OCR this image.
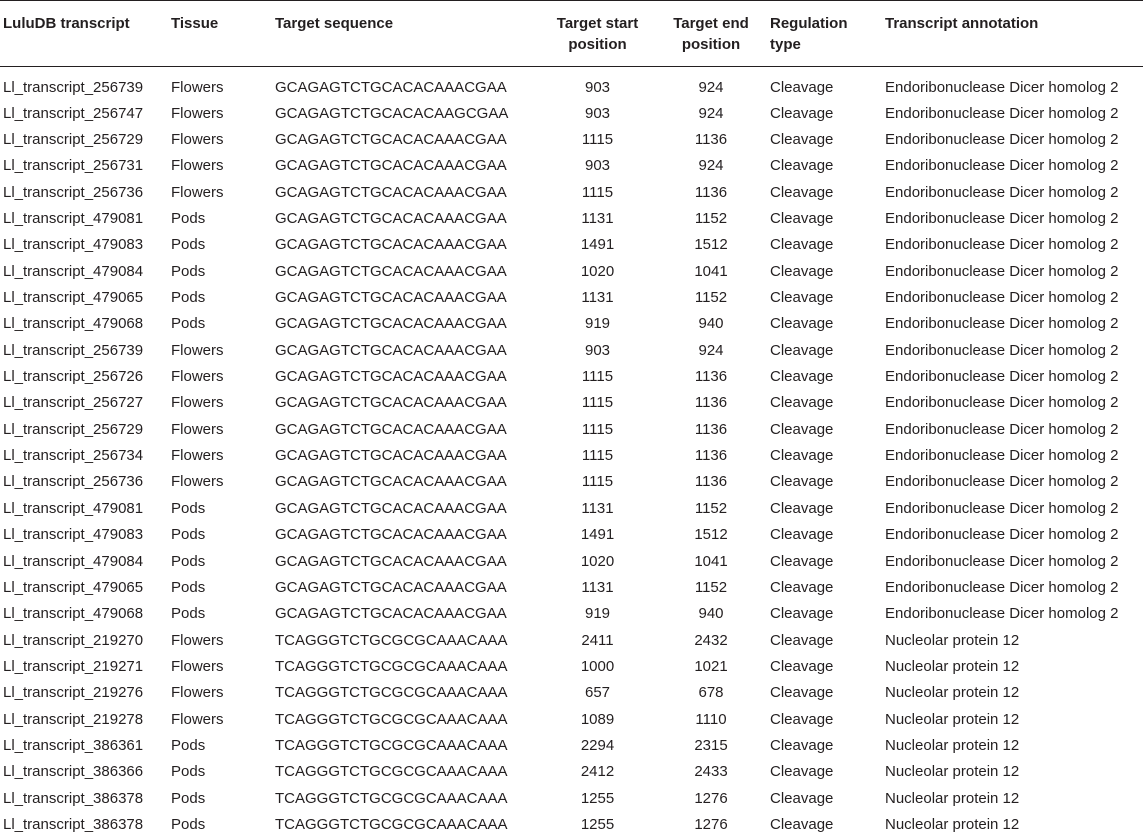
LuluDB transcript	Tissue	Target sequence	Target start position	Target end position	Regulation type	Transcript annotation
Ll_transcript_256739	Flowers	GCAGAGTCTGCACACAAACGAA	903	924	Cleavage	Endoribonuclease Dicer homolog 2
Ll_transcript_256747	Flowers	GCAGAGTCTGCACACAAGCGAA	903	924	Cleavage	Endoribonuclease Dicer homolog 2
Ll_transcript_256729	Flowers	GCAGAGTCTGCACACAAACGAA	1115	1136	Cleavage	Endoribonuclease Dicer homolog 2
Ll_transcript_256731	Flowers	GCAGAGTCTGCACACAAACGAA	903	924	Cleavage	Endoribonuclease Dicer homolog 2
Ll_transcript_256736	Flowers	GCAGAGTCTGCACACAAACGAA	1115	1136	Cleavage	Endoribonuclease Dicer homolog 2
Ll_transcript_479081	Pods	GCAGAGTCTGCACACAAACGAA	1131	1152	Cleavage	Endoribonuclease Dicer homolog 2
Ll_transcript_479083	Pods	GCAGAGTCTGCACACAAACGAA	1491	1512	Cleavage	Endoribonuclease Dicer homolog 2
Ll_transcript_479084	Pods	GCAGAGTCTGCACACAAACGAA	1020	1041	Cleavage	Endoribonuclease Dicer homolog 2
Ll_transcript_479065	Pods	GCAGAGTCTGCACACAAACGAA	1131	1152	Cleavage	Endoribonuclease Dicer homolog 2
Ll_transcript_479068	Pods	GCAGAGTCTGCACACAAACGAA	919	940	Cleavage	Endoribonuclease Dicer homolog 2
Ll_transcript_256739	Flowers	GCAGAGTCTGCACACAAACGAA	903	924	Cleavage	Endoribonuclease Dicer homolog 2
Ll_transcript_256726	Flowers	GCAGAGTCTGCACACAAACGAA	1115	1136	Cleavage	Endoribonuclease Dicer homolog 2
Ll_transcript_256727	Flowers	GCAGAGTCTGCACACAAACGAA	1115	1136	Cleavage	Endoribonuclease Dicer homolog 2
Ll_transcript_256729	Flowers	GCAGAGTCTGCACACAAACGAA	1115	1136	Cleavage	Endoribonuclease Dicer homolog 2
Ll_transcript_256734	Flowers	GCAGAGTCTGCACACAAACGAA	1115	1136	Cleavage	Endoribonuclease Dicer homolog 2
Ll_transcript_256736	Flowers	GCAGAGTCTGCACACAAACGAA	1115	1136	Cleavage	Endoribonuclease Dicer homolog 2
Ll_transcript_479081	Pods	GCAGAGTCTGCACACAAACGAA	1131	1152	Cleavage	Endoribonuclease Dicer homolog 2
Ll_transcript_479083	Pods	GCAGAGTCTGCACACAAACGAA	1491	1512	Cleavage	Endoribonuclease Dicer homolog 2
Ll_transcript_479084	Pods	GCAGAGTCTGCACACAAACGAA	1020	1041	Cleavage	Endoribonuclease Dicer homolog 2
Ll_transcript_479065	Pods	GCAGAGTCTGCACACAAACGAA	1131	1152	Cleavage	Endoribonuclease Dicer homolog 2
Ll_transcript_479068	Pods	GCAGAGTCTGCACACAAACGAA	919	940	Cleavage	Endoribonuclease Dicer homolog 2
Ll_transcript_219270	Flowers	TCAGGGTCTGCGCGCAAACAAA	2411	2432	Cleavage	Nucleolar protein 12
Ll_transcript_219271	Flowers	TCAGGGTCTGCGCGCAAACAAA	1000	1021	Cleavage	Nucleolar protein 12
Ll_transcript_219276	Flowers	TCAGGGTCTGCGCGCAAACAAA	657	678	Cleavage	Nucleolar protein 12
Ll_transcript_219278	Flowers	TCAGGGTCTGCGCGCAAACAAA	1089	1110	Cleavage	Nucleolar protein 12
Ll_transcript_386361	Pods	TCAGGGTCTGCGCGCAAACAAA	2294	2315	Cleavage	Nucleolar protein 12
Ll_transcript_386366	Pods	TCAGGGTCTGCGCGCAAACAAA	2412	2433	Cleavage	Nucleolar protein 12
Ll_transcript_386378	Pods	TCAGGGTCTGCGCGCAAACAAA	1255	1276	Cleavage	Nucleolar protein 12
Ll_transcript_386378	Pods	TCAGGGTCTGCGCGCAAACAAA	1255	1276	Cleavage	Nucleolar protein 12
